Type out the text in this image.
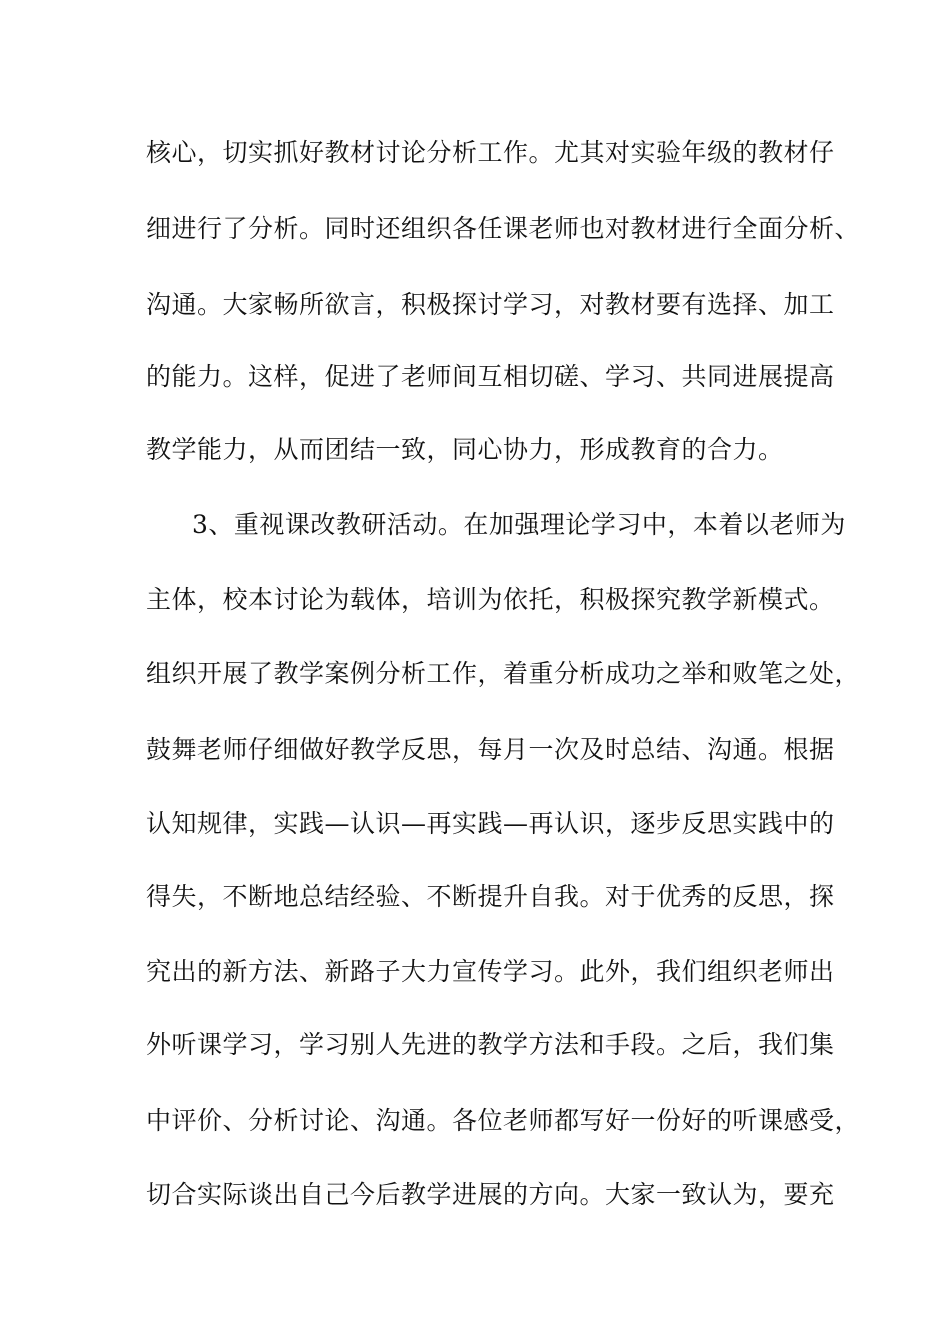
核心，切实抓好教材讨论分析工作。尤其对实验年级的教材仔
细进行了分析。同时还组织各任课老师也对教材进行全面分析、
沟通。大家畅所欲言，积极探讨学习，对教材要有选择、加工
的能力。这样，促进了老师间互相切磋、学习、共同进展提高
教学能力，从而团结一致，同心协力，形成教育的合力。
3、重视课改教研活动。在加强理论学习中，本着以老师为
主体，校本讨论为载体，培训为依托，积极探究教学新模式。
组织开展了教学案例分析工作，着重分析成功之举和败笔之处，
鼓舞老师仔细做好教学反思，每月一次及时总结、沟通。根据
认知规律，实践—认识—再实践—再认识，逐步反思实践中的
得失，不断地总结经验、不断提升自我。对于优秀的反思，探
究出的新方法、新路子大力宣传学习。此外，我们组织老师出
外听课学习，学习别人先进的教学方法和手段。之后，我们集
中评价、分析讨论、沟通。各位老师都写好一份好的听课感受，
切合实际谈出自己今后教学进展的方向。大家一致认为，要充
